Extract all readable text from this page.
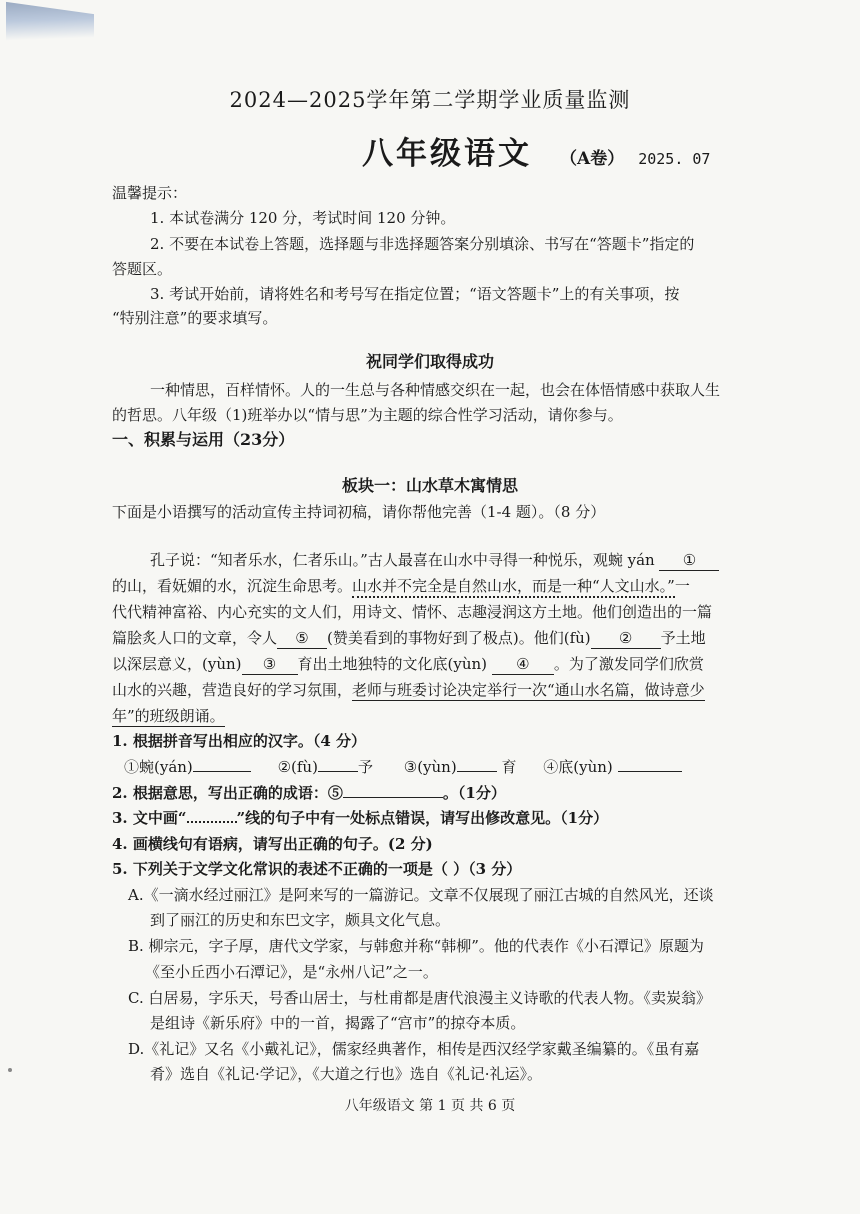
2024—2025学年第二学期学业质量监测
八年级语文 （A卷） 2025. 07
温馨提示：
1. 本试卷满分 120 分，考试时间 120 分钟。
2. 不要在本试卷上答题，选择题与非选择题答案分别填涂、书写在“答题卡”指定的
答题区。
3. 考试开始前，请将姓名和考号写在指定位置；“语文答题卡”上的有关事项，按
“特别注意”的要求填写。
祝同学们取得成功
一种情思，百样情怀。人的一生总与各种情感交织在一起，也会在体悟情感中获取人生
的哲思。八年级（1)班举办以“情与思”为主题的综合性学习活动，请你参与。
一、积累与运用（23分）
板块一：山水草木寓情思
下面是小语撰写的活动宣传主持词初稿，请你帮他完善（1-4 题）。（8 分）
孔子说：“知者乐水，仁者乐山。”古人最喜在山水中寻得一种悦乐，观蜿 yán ①
的山，看妩媚的水，沉淀生命思考。山水并不完全是自然山水，而是一种“人文山水。”一
代代精神富裕、内心充实的文人们，用诗文、情怀、志趣浸润这方土地。他们创造出的一篇
篇脍炙人口的文章，令人 ⑤ (赞美看到的事物好到了极点)。他们(fù) ② 予土地
以深层意义，(yùn) ③ 育出土地独特的文化底(yùn) ④ 。为了激发同学们欣赏
山水的兴趣，营造良好的学习氛围，老师与班委讨论决定举行一次“通山水名篇，做诗意少
年”的班级朗诵。
1. 根据拼音写出相应的汉字。（4 分）
①蜿(yán)	②(fù)	予 ③(yùn)	育 ④底(yùn)
2. 根据意思，写出正确的成语：⑤	。（1分）
3. 文中画“	”线的句子中有一处标点错误，请写出修改意见。（1分）
4. 画横线句有语病，请写出正确的句子。(2 分)
5. 下列关于文学文化常识的表述不正确的一项是（ ）（3 分）
A.《一滴水经过丽江》是阿来写的一篇游记。文章不仅展现了丽江古城的自然风光，还谈
到了丽江的历史和东巴文字，颇具文化气息。
B. 柳宗元，字子厚，唐代文学家，与韩愈并称“韩柳”。他的代表作《小石潭记》原题为
《至小丘西小石潭记》，是“永州八记”之一。
C. 白居易，字乐天，号香山居士，与杜甫都是唐代浪漫主义诗歌的代表人物。《卖炭翁》
是组诗《新乐府》中的一首，揭露了“宫市”的掠夺本质。
D.《礼记》又名《小戴礼记》，儒家经典著作，相传是西汉经学家戴圣编纂的。《虽有嘉
肴》选自《礼记·学记》，《大道之行也》选自《礼记·礼运》。
八年级语文 第 1 页 共 6 页
